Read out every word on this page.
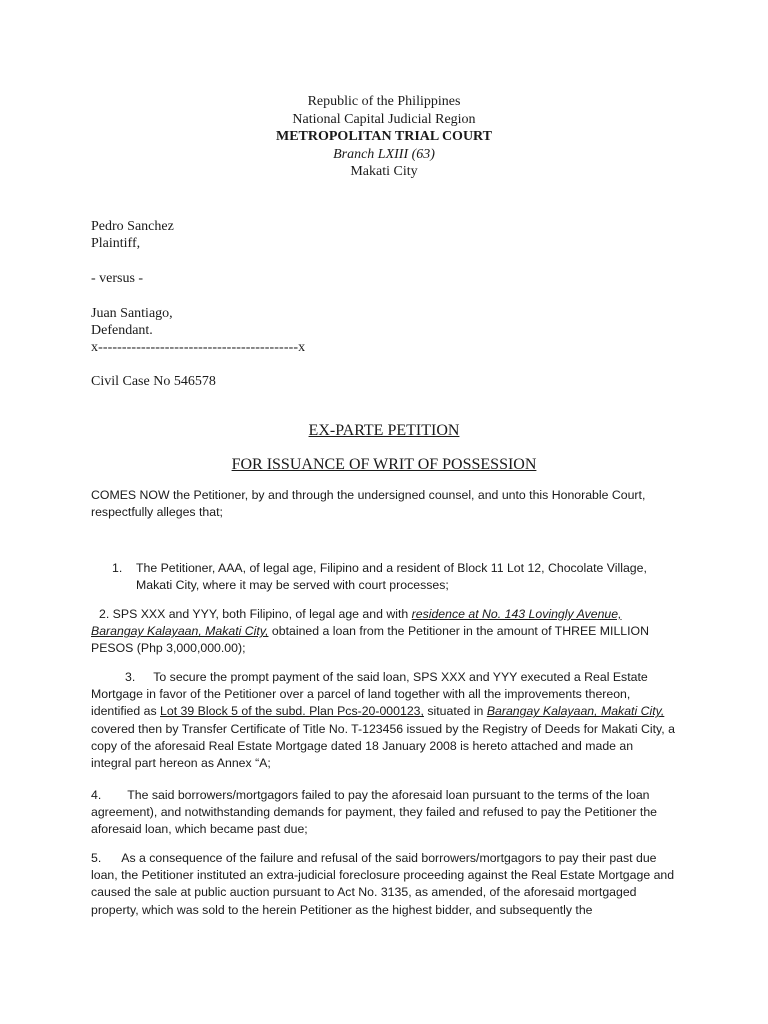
Republic of the Philippines
National Capital Judicial Region
METROPOLITAN TRIAL COURT
Branch LXIII (63)
Makati City
Pedro Sanchez
Plaintiff,
- versus -
Juan Santiago,
Defendant.
x------------------------------------------x
Civil Case No 546578
EX-PARTE PETITION
FOR ISSUANCE OF WRIT OF POSSESSION
COMES NOW the Petitioner, by and through the undersigned counsel, and unto this Honorable Court, respectfully alleges that;
1.	The Petitioner, AAA, of legal age, Filipino and a resident of Block 11 Lot 12, Chocolate Village, Makati City, where it may be served with court processes;
2. SPS XXX and YYY, both Filipino, of legal age and with residence at No. 143 Lovingly Avenue, Barangay Kalayaan, Makati City, obtained a loan from the Petitioner in the amount of THREE MILLION PESOS (Php 3,000,000.00);
3. To secure the prompt payment of the said loan, SPS XXX and YYY executed a Real Estate Mortgage in favor of the Petitioner over a parcel of land together with all the improvements thereon, identified as Lot 39 Block 5 of the subd. Plan Pcs-20-000123, situated in Barangay Kalayaan, Makati City, covered then by Transfer Certificate of Title No. T-123456 issued by the Registry of Deeds for Makati City, a copy of the aforesaid Real Estate Mortgage dated 18 January 2008 is hereto attached and made an integral part hereon as Annex “A;
4. The said borrowers/mortgagors failed to pay the aforesaid loan pursuant to the terms of the loan agreement), and notwithstanding demands for payment, they failed and refused to pay the Petitioner the aforesaid loan, which became past due;
5. As a consequence of the failure and refusal of the said borrowers/mortgagors to pay their past due loan, the Petitioner instituted an extra-judicial foreclosure proceeding against the Real Estate Mortgage and caused the sale at public auction pursuant to Act No. 3135, as amended, of the aforesaid mortgaged property, which was sold to the herein Petitioner as the highest bidder, and subsequently the
